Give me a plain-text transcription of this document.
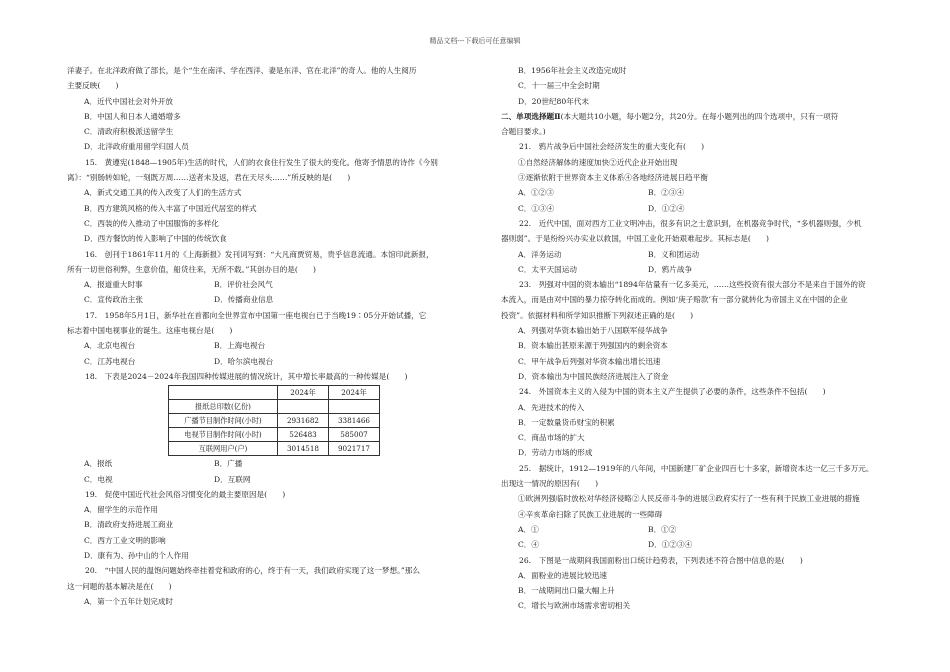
精品文档---下载后可任意编辑
洋妻子。在北洋政府做了部长，是个“生在南洋、学在西洋、妻是东洋、官在北洋”的奇人。他的人生阅历
主要反映(　　)
A．近代中国社会对外开放
B．中国人和日本人通婚增多
C．清政府积极派送留学生
D．北洋政府重用留学归国人员
15.　黄遵宪(1848—1905年)生活的时代，人们的衣食住行发生了很大的变化。他寄予情思的诗作《今别
离》：“别肠转如轮，一刻既万周……送者未及返，君在天尽头……”所反映的是(　　)
A．新式交通工具的传入改变了人们的生活方式
B．西方建筑风格的传入丰富了中国近代居室的样式
C．西装的传入推动了中国服饰的多样化
D．西方餐饮的传入影响了中国的传统饮食
16.　创刊于1861年11月的《上海新报》发刊词写到：“大凡商贾贸易，贵乎信息流通。本馆印此新报，
所有一切世俗利弊，生意价值，船货往来，无所不载。”其创办目的是(　　)
A．报道重大时事	B．评价社会风气
C．宣传政治主张	D．传播商业信息
17.　1958年5月1日，新华社在首都向全世界宣布中国第一座电视台已于当晚19∶05分开始试播，它
标志着中国电视事业的诞生。这座电视台是(　　)
A．北京电视台	B．上海电视台
C．江苏电视台	D．哈尔滨电视台
18.　下表是2024－2024年我国四种传媒进展的情况统计，其中增长率最高的一种传媒是(　　)
	2024年	2024年
报纸总印数(亿份)		
广播节目制作时间(小时)	2931682	3381466
电视节目制作时间(小时)	526483	585007
互联网用户(户)	3014518	9021717
A．报纸	B．广播
C．电视	D．互联网
19.　促使中国近代社会风俗习惯变化的最主要原因是(　　)
A．留学生的示范作用
B．清政府支持进展工商业
C．西方工业文明的影响
D．康有为、孙中山的个人作用
20.　“中国人民的温饱问题始终牵挂着党和政府的心，终于有一天，我们政府实现了这一梦想。”那么
这一问题的基本解决是在(　　)
A．第一个五年计划完成时
B．1956年社会主义改造完成时
C．十一届三中全会时期
D．20世纪80年代末
二、单项选择题Ⅱ(本大题共10小题，每小题2分，共20分。在每小题列出的四个选项中，只有一项符
合题目要求。)
21.　鸦片战争后中国社会经济发生的重大变化有(　　)
①自然经济解体的速度加快②近代企业开始出现
③逐渐依附于世界资本主义体系④各地经济进展日趋平衡
A．①②③	B．②③④
C．①③④	D．①②④
22.　近代中国，面对西方工业文明冲击，很多有识之士意识到，在机器竞争时代，“多机器则强，少机
器则弱”。于是纷纷兴办实业以救国，中国工业化开始艰难起步。其标志是(　　)
A．洋务运动	B．义和团运动
C．太平天国运动	D．鸦片战争
23.　列强对中国的资本输出“1894年估量有一亿多美元，……这些投资有很大部分不是来自于国外的资
本流入，而是由对中国的暴力掠夺转化而成的。例如‘庚子赔款’有一部分就转化为帝国主义在中国的企业
投资”。依据材料和所学知识推断下列叙述正确的是(　　)
A．列强对华资本输出始于八国联军侵华战争
B．资本输出甚原来源于列强国内的剩余资本
C．甲午战争后列强对华资本输出增长迅速
D．资本输出为中国民族经济进展注入了资金
24.　外国资本主义的入侵为中国的资本主义产生提供了必要的条件，这些条件不包括(　　)
A．先进技术的传入
B．一定数量货币财宝的积累
C．商品市场的扩大
D．劳动力市场的形成
25.　据统计，1912—1919年的八年间，中国新建厂矿企业四百七十多家，新增资本达一亿三千多万元。
出现这一情况的原因有(　　)
①欧洲列强临时放松对华经济侵略②人民反帝斗争的进展③政府实行了一些有利于民族工业进展的措施
④辛亥革命扫除了民族工业进展的一些障碍
A．①	B．①②
C．④	D．①②③④
26.　下图是一战期间我国面粉出口统计趋势表，下列表述不符合图中信息的是(　　)
A．面粉业的进展比较迅速
B．一战期间出口量大幅上升
C．增长与欧洲市场需求密切相关
